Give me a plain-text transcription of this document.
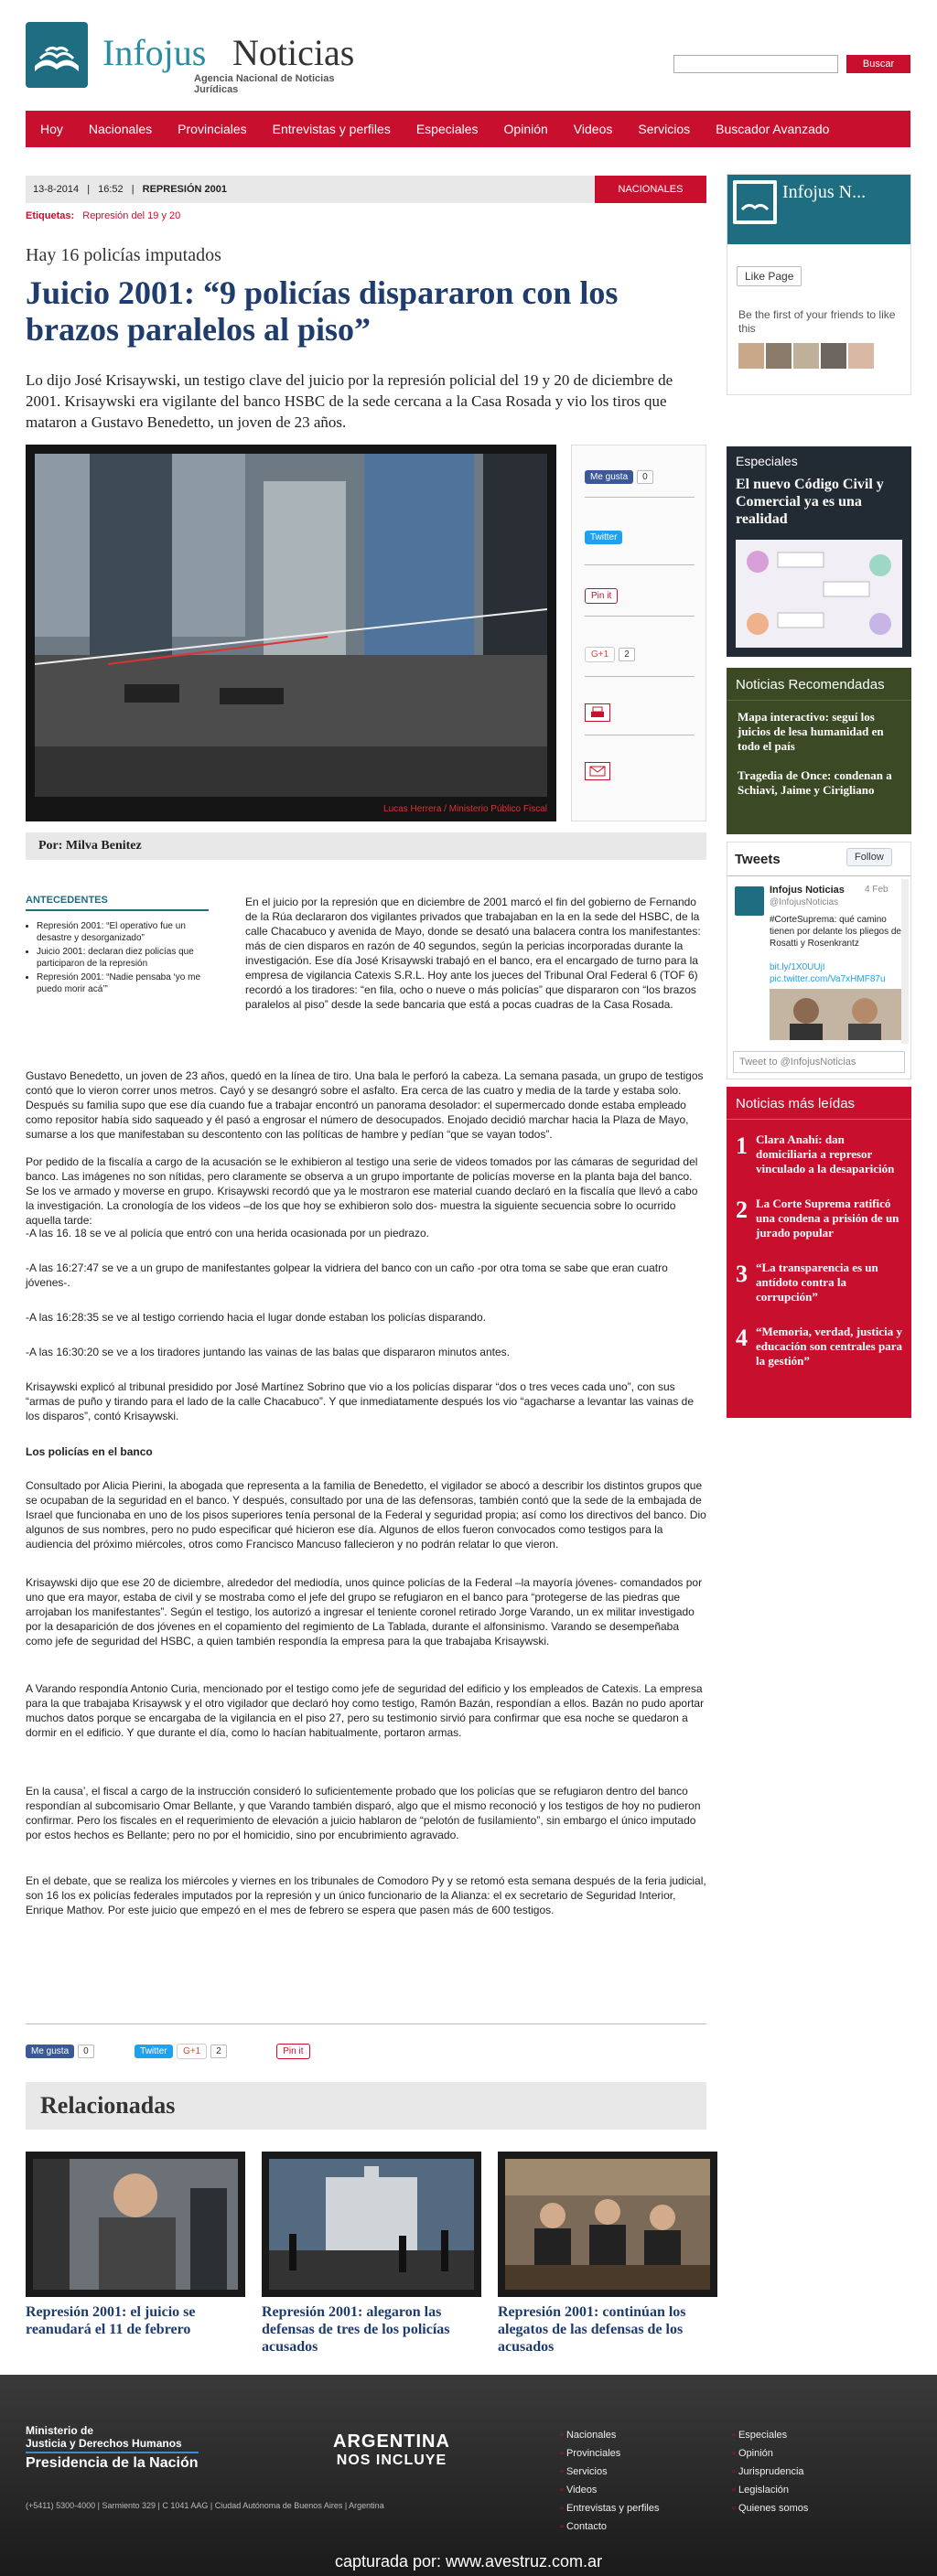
Infojus Noticias
Agencia Nacional de Noticias Jurídicas
Buscar
Hoy Nacionales Provinciales Entrevistas y perfiles Especiales Opinión Videos Servicios Buscador Avanzado
13-8-2014 | 16:52 | REPRESIÓN 2001	NACIONALES
Etiquetas: Represión del 19 y 20
Hay 16 policías imputados
Juicio 2001: “9 policías dispararon con los brazos paralelos al piso”
Lo dijo José Krisaywski, un testigo clave del juicio por la represión policial del 19 y 20 de diciembre de 2001. Krisaywski era vigilante del banco HSBC de la sede cercana a la Casa Rosada y vio los tiros que mataron a Gustavo Benedetto, un joven de 23 años.
Lucas Herrera / Ministerio Público Fiscal
Me gusta 0
Twitter
Pin it
G+1 2
Por: Milva Benitez
ANTECEDENTES
• Represión 2001: “El operativo fue un desastre y desorganizado”
• Juicio 2001: declaran diez policías que participaron de la represión
• Represión 2001: “Nadie pensaba ‘yo me puedo morir acá’”

En el juicio por la represión que en diciembre de 2001 marcó el fin del gobierno de Fernando de la Rúa declararon dos vigilantes privados que trabajaban en la en la sede del HSBC, de la calle Chacabuco y avenida de Mayo, donde se desató una balacera contra los manifestantes: más de cien disparos en razón de 40 segundos, según la pericias incorporadas durante la investigación. Ese día José Krisaywski trabajó en el banco, era el encargado de turno para la empresa de vigilancia Catexis S.R.L. Hoy ante los jueces del Tribunal Oral Federal 6 (TOF 6) recordó a los tiradores: “en fila, ocho o nueve o más policías” que dispararon con “los brazos paralelos al piso” desde la sede bancaria que está a pocas cuadras de la Casa Rosada.

Gustavo Benedetto, un joven de 23 años, quedó en la línea de tiro. Una bala le perforó la cabeza. La semana pasada, un grupo de testigos contó que lo vieron correr unos metros. Cayó y se desangró sobre el asfalto. Era cerca de las cuatro y media de la tarde y estaba solo. Después su familia supo que ese día cuando fue a trabajar encontró un panorama desolador: el supermercado donde estaba empleado como repositor había sido saqueado y él pasó a engrosar el número de desocupados. Enojado decidió marchar hacia la Plaza de Mayo, sumarse a los que manifestaban su descontento con las políticas de hambre y pedían “que se vayan todos”.

Por pedido de la fiscalía a cargo de la acusación se le exhibieron al testigo una serie de videos tomados por las cámaras de seguridad del banco. Las imágenes no son nítidas, pero claramente se observa a un grupo importante de policías moverse en la planta baja del banco. Se los ve armado y moverse en grupo. Krisaywski recordó que ya le mostraron ese material cuando declaró en la fiscalía que llevó a cabo la investigación. La cronología de los videos –de los que hoy se exhibieron solo dos- muestra la siguiente secuencia sobre lo ocurrido aquella tarde:

-A las 16. 18 se ve al policía que entró con una herida ocasionada por un piedrazo.

-A las 16:27:47 se ve a un grupo de manifestantes golpear la vidriera del banco con un caño -por otra toma se sabe que eran cuatro jóvenes-.

-A las 16:28:35 se ve al testigo corriendo hacia el lugar donde estaban los policías disparando.

-A las 16:30:20 se ve a los tiradores juntando las vainas de las balas que dispararon minutos antes.

Krisaywski explicó al tribunal presidido por José Martínez Sobrino que vio a los policías disparar “dos o tres veces cada uno”, con sus “armas de puño y tirando para el lado de la calle Chacabuco”. Y que inmediatamente después los vio “agacharse a levantar las vainas de los disparos”, contó Krisaywski.

Los policías en el banco

Consultado por Alicia Pierini, la abogada que representa a la familia de Benedetto, el vigilador se abocó a describir los distintos grupos que se ocupaban de la seguridad en el banco. Y después, consultado por una de las defensoras, también contó que la sede de la embajada de Israel que funcionaba en uno de los pisos superiores tenía personal de la Federal y seguridad propia; así como los directivos del banco. Dio algunos de sus nombres, pero no pudo especificar qué hicieron ese día. Algunos de ellos fueron convocados como testigos para la audiencia del próximo miércoles, otros como Francisco Mancuso fallecieron y no podrán relatar lo que vieron.

Krisaywski dijo que ese 20 de diciembre, alrededor del mediodía, unos quince policías de la Federal –la mayoría jóvenes- comandados por uno que era mayor, estaba de civil y se mostraba como el jefe del grupo se refugiaron en el banco para “protegerse de las piedras que arrojaban los manifestantes”. Según el testigo, los autorizó a ingresar el teniente coronel retirado Jorge Varando, un ex militar investigado por la desaparición de dos jóvenes en el copamiento del regimiento de La Tablada, durante el alfonsinismo. Varando se desempeñaba como jefe de seguridad del HSBC, a quien también respondía la empresa para la que trabajaba Krisaywski.

A Varando respondía Antonio Curia, mencionado por el testigo como jefe de seguridad del edificio y los empleados de Catexis. La empresa para la que trabajaba Krisaywsk y el otro vigilador que declaró hoy como testigo, Ramón Bazán, respondían a ellos. Bazán no pudo aportar muchos datos porque se encargaba de la vigilancia en el piso 27, pero su testimonio sirvió para confirmar que esa noche se quedaron a dormir en el edificio. Y que durante el día, como lo hacían habitualmente, portaron armas.

En la causa’, el fiscal a cargo de la instrucción consideró lo suficientemente probado que los policías que se refugiaron dentro del banco respondían al subcomisario Omar Bellante, y que Varando también disparó, algo que el mismo reconoció y los testigos de hoy no pudieron confirmar. Pero los fiscales en el requerimiento de elevación a juicio hablaron de “pelotón de fusilamiento”, sin embargo el único imputado por estos hechos es Bellante; pero no por el homicidio, sino por encubrimiento agravado.

En el debate, que se realiza los miércoles y viernes en los tribunales de Comodoro Py y se retomó esta semana después de la feria judicial, son 16 los ex policías federales imputados por la represión y un único funcionario de la Alianza: el ex secretario de Seguridad Interior, Enrique Mathov. Por este juicio que empezó en el mes de febrero se espera que pasen más de 600 testigos.

Me gusta 0	Twitter G+1 2	Pin it
Relacionadas
Represión 2001: el juicio se reanudará el 11 de febrero
Represión 2001: alegaron las defensas de tres de los policías acusados
Represión 2001: continúan los alegatos de las defensas de los acusados
Infojus N...
Like Page
Be the first of your friends to like this
Especiales
El nuevo Código Civil y Comercial ya es una realidad
Noticias Recomendadas
Mapa interactivo: seguí los juicios de lesa humanidad en todo el país
Tragedia de Once: condenan a Schiavi, Jaime y Cirigliano
Tweets	Follow
Infojus Noticias 4 Feb
@InfojusNoticias
#CorteSuprema: qué camino tienen por delante los pliegos de Rosatti y Rosenkrantz
bit.ly/1X0UUjI pic.twitter.com/Va7xHMF87u
Tweet to @InfojusNoticias
Noticias más leídas
1 Clara Anahí: dan domiciliaria a represor vinculado a la desaparición
2 La Corte Suprema ratificó una condena a prisión de un jurado popular
3 “La transparencia es un antídoto contra la corrupción”
4 “Memoria, verdad, justicia y educación son centrales para la gestión”
Ministerio de
Justicia y Derechos Humanos
Presidencia de la Nación
ARGENTINA
NOS INCLUYE
(+5411) 5300-4000 | Sarmiento 329 | C 1041 AAG | Ciudad Autónoma de Buenos Aires | Argentina
▫ Nacionales
▫ Provinciales
▫ Servicios
▫ Videos
▫ Entrevistas y perfiles
▫ Contacto
▫ Especiales
▫ Opinión
▫ Jurisprudencia
▫ Legislación
▫ Quienes somos
capturada por: www.avestruz.com.ar
